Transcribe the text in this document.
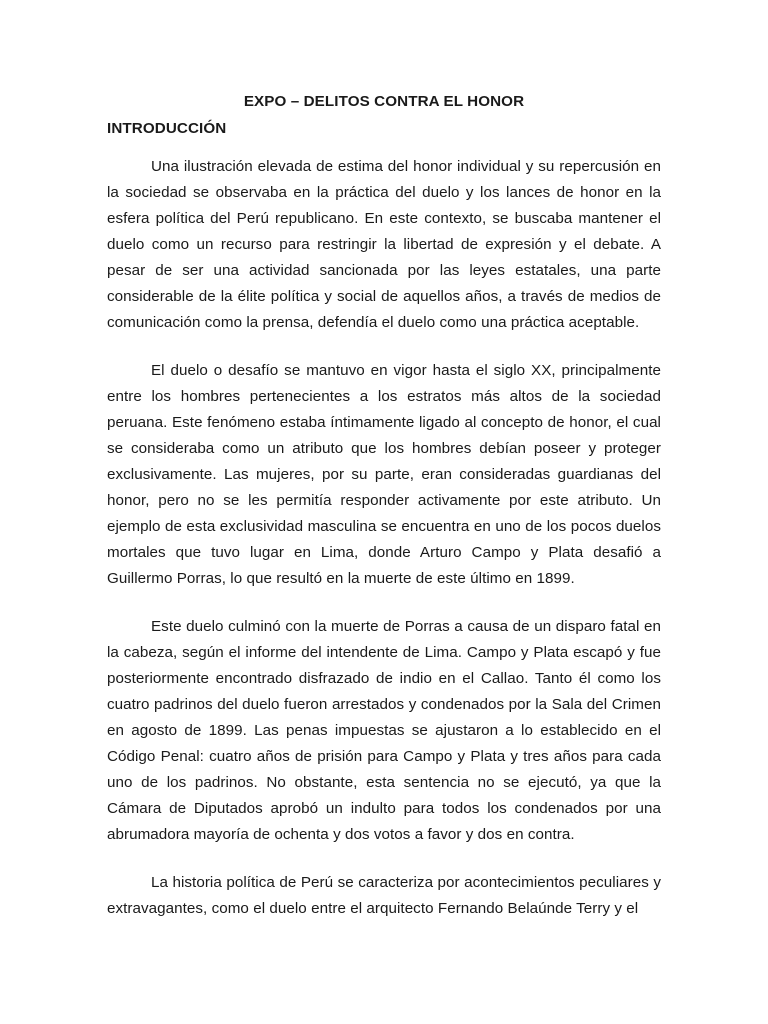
EXPO – DELITOS CONTRA EL HONOR
INTRODUCCIÓN

Una ilustración elevada de estima del honor individual y su repercusión en la sociedad se observaba en la práctica del duelo y los lances de honor en la esfera política del Perú republicano. En este contexto, se buscaba mantener el duelo como un recurso para restringir la libertad de expresión y el debate. A pesar de ser una actividad sancionada por las leyes estatales, una parte considerable de la élite política y social de aquellos años, a través de medios de comunicación como la prensa, defendía el duelo como una práctica aceptable.

El duelo o desafío se mantuvo en vigor hasta el siglo XX, principalmente entre los hombres pertenecientes a los estratos más altos de la sociedad peruana. Este fenómeno estaba íntimamente ligado al concepto de honor, el cual se consideraba como un atributo que los hombres debían poseer y proteger exclusivamente. Las mujeres, por su parte, eran consideradas guardianas del honor, pero no se les permitía responder activamente por este atributo. Un ejemplo de esta exclusividad masculina se encuentra en uno de los pocos duelos mortales que tuvo lugar en Lima, donde Arturo Campo y Plata desafió a Guillermo Porras, lo que resultó en la muerte de este último en 1899.

Este duelo culminó con la muerte de Porras a causa de un disparo fatal en la cabeza, según el informe del intendente de Lima. Campo y Plata escapó y fue posteriormente encontrado disfrazado de indio en el Callao. Tanto él como los cuatro padrinos del duelo fueron arrestados y condenados por la Sala del Crimen en agosto de 1899. Las penas impuestas se ajustaron a lo establecido en el Código Penal: cuatro años de prisión para Campo y Plata y tres años para cada uno de los padrinos. No obstante, esta sentencia no se ejecutó, ya que la Cámara de Diputados aprobó un indulto para todos los condenados por una abrumadora mayoría de ochenta y dos votos a favor y dos en contra.

La historia política de Perú se caracteriza por acontecimientos peculiares y extravagantes, como el duelo entre el arquitecto Fernando Belaúnde Terry y el
